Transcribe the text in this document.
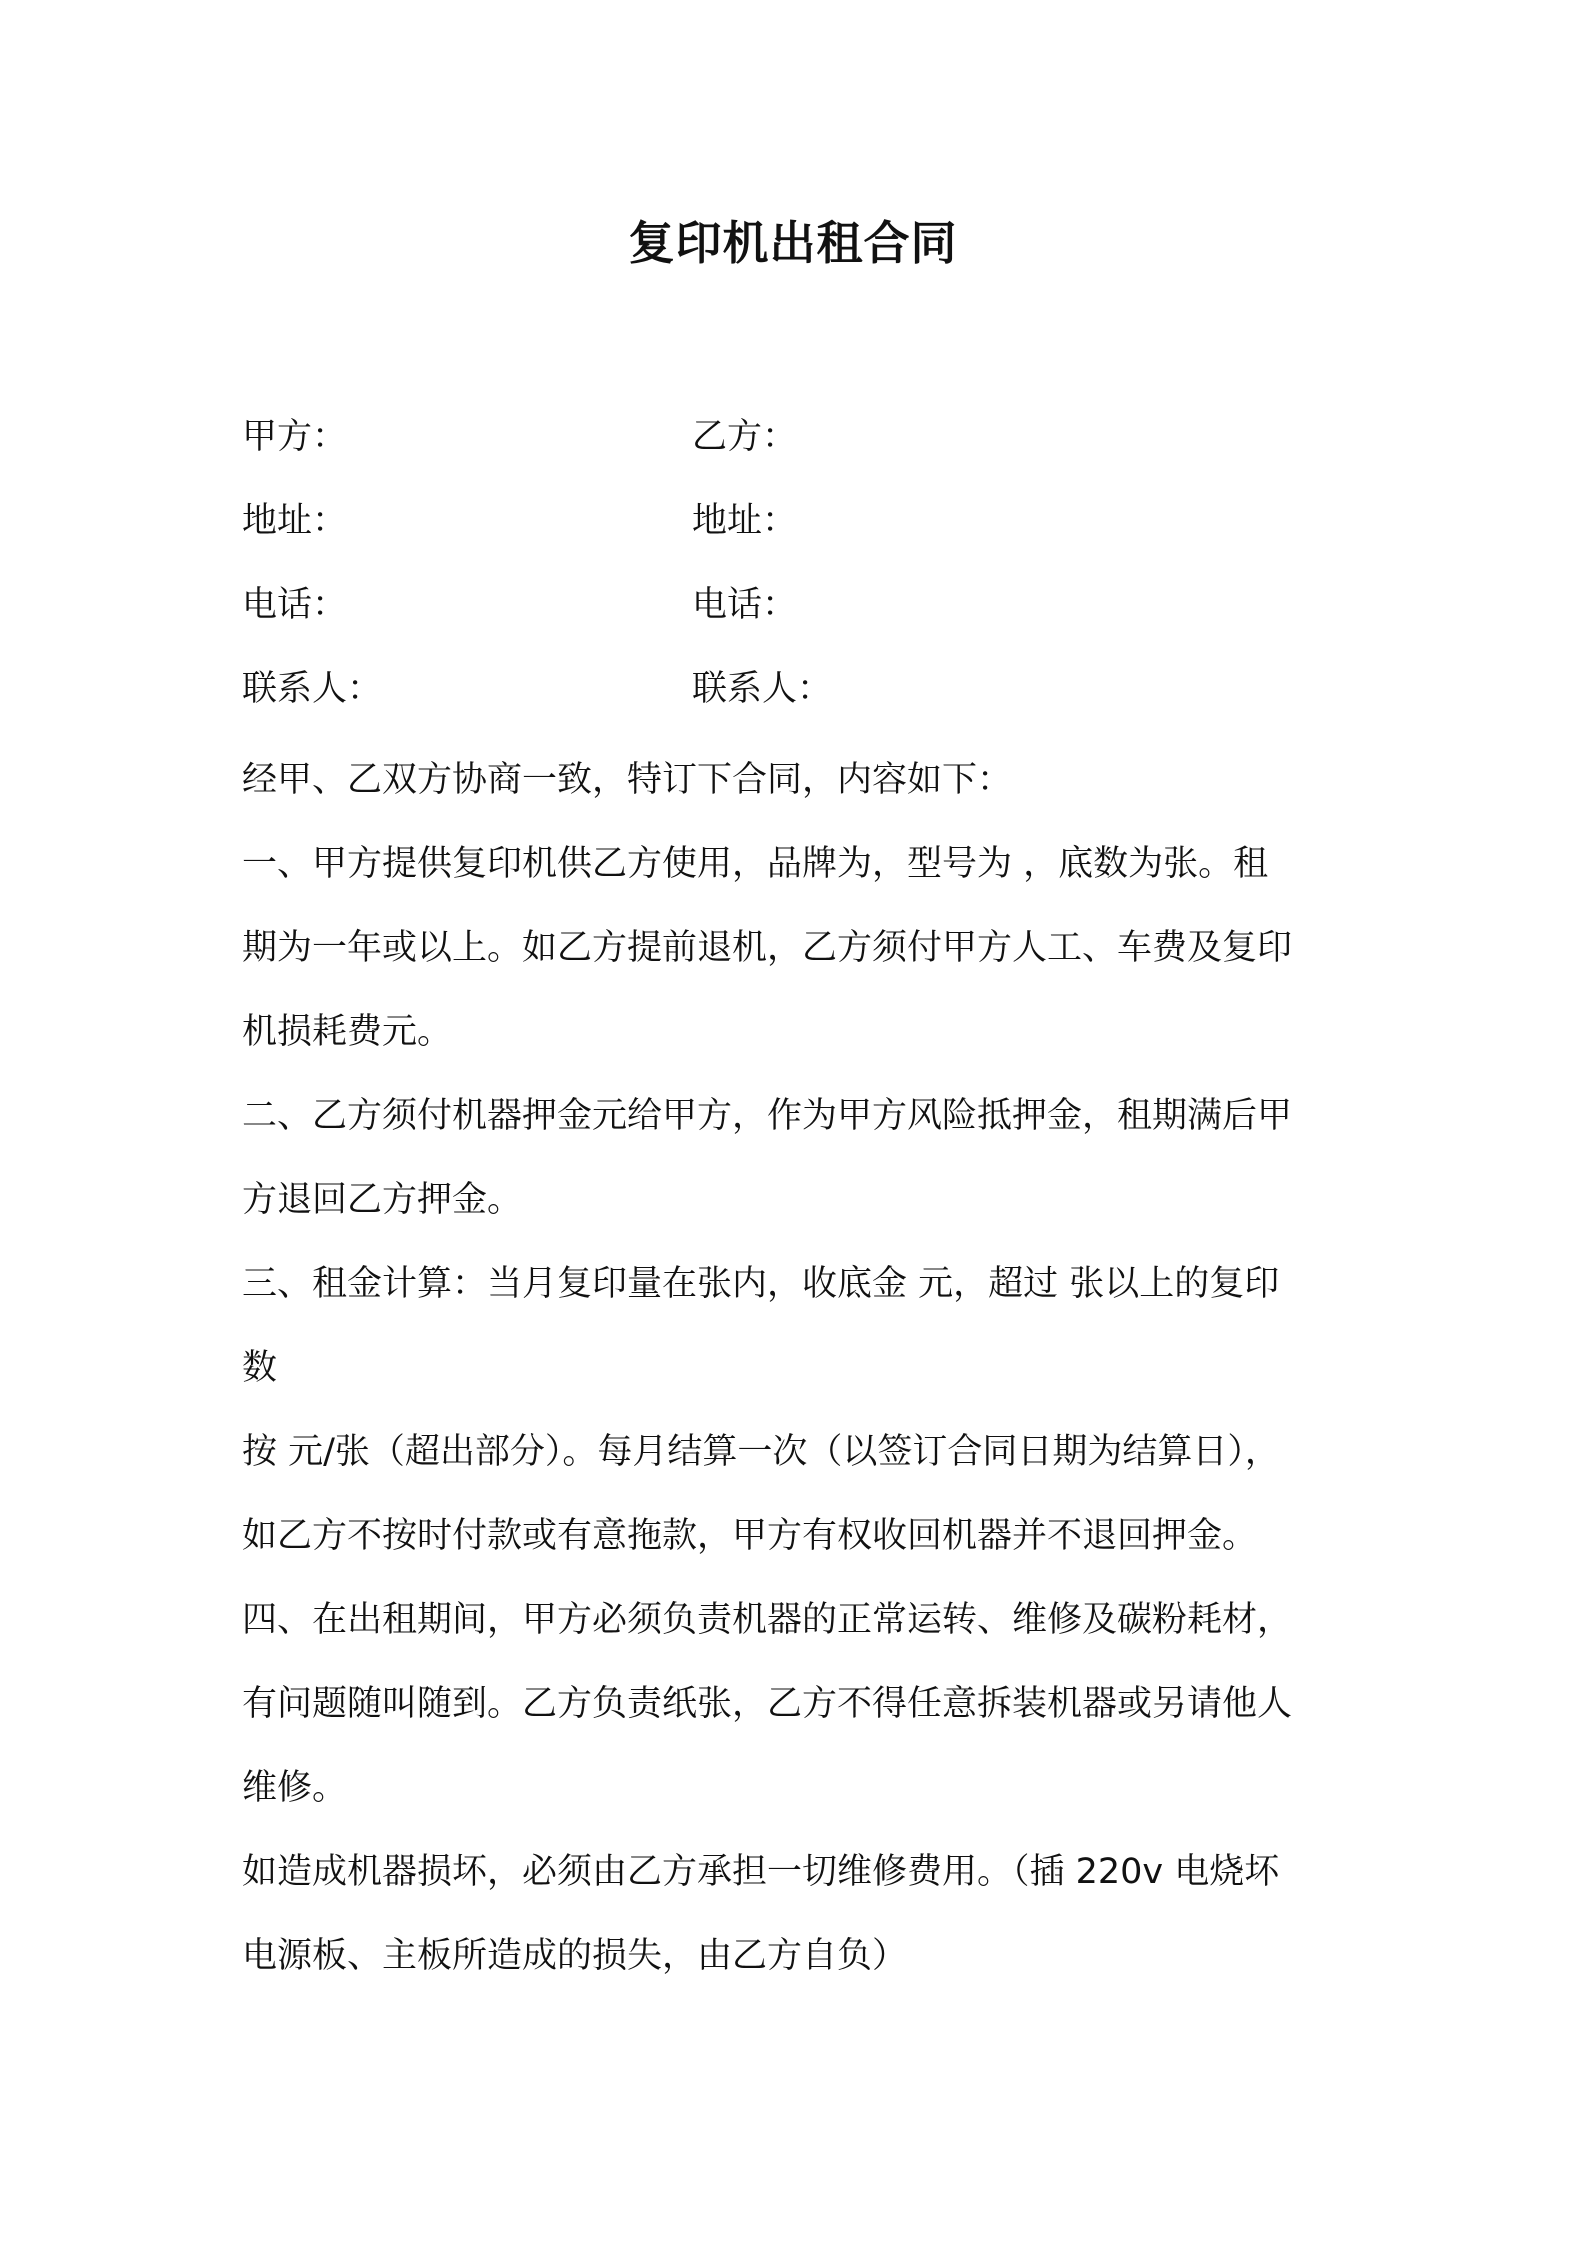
复印机出租合同
甲方：	乙方：
地址：	地址：
电话：	电话：
联系人：	联系人：
经甲、乙双方协商一致，特订下合同，内容如下：
一、甲方提供复印机供乙方使用，品牌为，型号为 ，底数为张。租
期为一年或以上。如乙方提前退机，乙方须付甲方人工、车费及复印
机损耗费元。
二、乙方须付机器押金元给甲方，作为甲方风险抵押金，租期满后甲
方退回乙方押金。
三、租金计算：当月复印量在张内，收底金 元，超过 张以上的复印
数
按 元/张（超出部分）。每月结算一次（以签订合同日期为结算日），
如乙方不按时付款或有意拖款，甲方有权收回机器并不退回押金。
四、在出租期间，甲方必须负责机器的正常运转、维修及碳粉耗材，
有问题随叫随到。乙方负责纸张，乙方不得任意拆装机器或另请他人
维修。
如造成机器损坏，必须由乙方承担一切维修费用。（插 220v 电烧坏
电源板、主板所造成的损失，由乙方自负）
